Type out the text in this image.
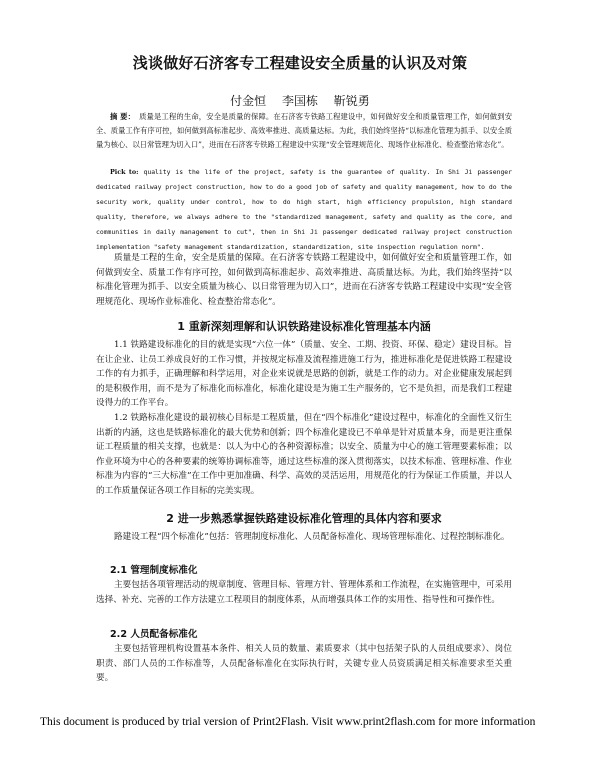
浅谈做好石济客专工程建设安全质量的认识及对策
付金恒 李国栋 靳锐勇
摘 要： 质量是工程的生命，安全是质量的保障。在石济客专铁路工程建设中，如何做好安全和质量管理工作，如何做到安全、质量工作有序可控，如何做到高标准起步、高效率推进、高质量达标。为此，我们始终坚持“以标准化管理为抓手、以安全质量为核心、以日常管理为切入口”，进而在石济客专铁路工程建设中实现“安全管理规范化、现场作业标准化、检查整治常态化”。
Pick to: quality is the life of the project, safety is the guarantee of quality. In Shi Ji passenger dedicated railway project construction, how to do a good job of safety and quality management, how to do the security work, quality under control, how to do high start, high efficiency propulsion, high standard quality, therefore, we always adhere to the "standardized management, safety and quality as the core, and communities in daily management to cut", then in Shi Ji passenger dedicated railway project construction implementation "safety management standardization, standardization, site inspection regulation norm".
质量是工程的生命，安全是质量的保障。在石济客专铁路工程建设中，如何做好安全和质量管理工作，如何做到安全、质量工作有序可控，如何做到高标准起步、高效率推进、高质量达标。为此，我们始终坚持“以标准化管理为抓手、以安全质量为核心、以日常管理为切入口”，进而在石济客专铁路工程建设中实现“安全管理规范化、现场作业标准化、检查整治常态化”。
1 重新深刻理解和认识铁路建设标准化管理基本内涵
1.1 铁路建设标准化的目的就是实现“六位一体”（质量、安全、工期、投资、环保、稳定）建设目标。旨在让企业、让员工养成良好的工作习惯，并按规定标准及流程推进施工行为，推进标准化是促进铁路工程建设工作的有力抓手，正确理解和科学运用，对企业来说就是思路的创新，就是工作的动力。对企业健康发展起到的是积极作用，而不是为了标准化而标准化，标准化建设是为施工生产服务的，它不是负担，而是我们工程建设得力的工作平台。
1.2 铁路标准化建设的最初核心目标是工程质量，但在“四个标准化”建设过程中，标准化的全面性又衍生出新的内涵，这也是铁路标准化的最大优势和创新；四个标准化建设已不单单是针对质量本身，而是更注重保证工程质量的相关支撑，也就是：以人为中心的各种资源标准；以安全、质量为中心的施工管理要素标准；以作业环境为中心的各种要素的统筹协调标准等，通过这些标准的深入贯彻落实，以技术标准、管理标准、作业标准为内容的“三大标准”在工作中更加准确、科学、高效的灵活运用，用规范化的行为保证工作质量，并以人的工作质量保证各项工作目标的完美实现。
2 进一步熟悉掌握铁路建设标准化管理的具体内容和要求
路建设工程“四个标准化”包括：管理制度标准化、人员配备标准化、现场管理标准化、过程控制标准化。
2.1 管理制度标准化
主要包括各项管理活动的规章制度、管理目标、管理方针、管理体系和工作流程，在实施管理中，可采用选择、补充、完善的工作方法建立工程项目的制度体系，从而增强具体工作的实用性、指导性和可操作性。
2.2 人员配备标准化
主要包括管理机构设置基本条件、相关人员的数量、素质要求（其中包括架子队的人员组成要求）、岗位职责、部门人员的工作标准等，人员配备标准化在实际执行时，关键专业人员资质满足相关标准要求至关重要。
This document is produced by trial version of Print2Flash. Visit www.print2flash.com for more information
